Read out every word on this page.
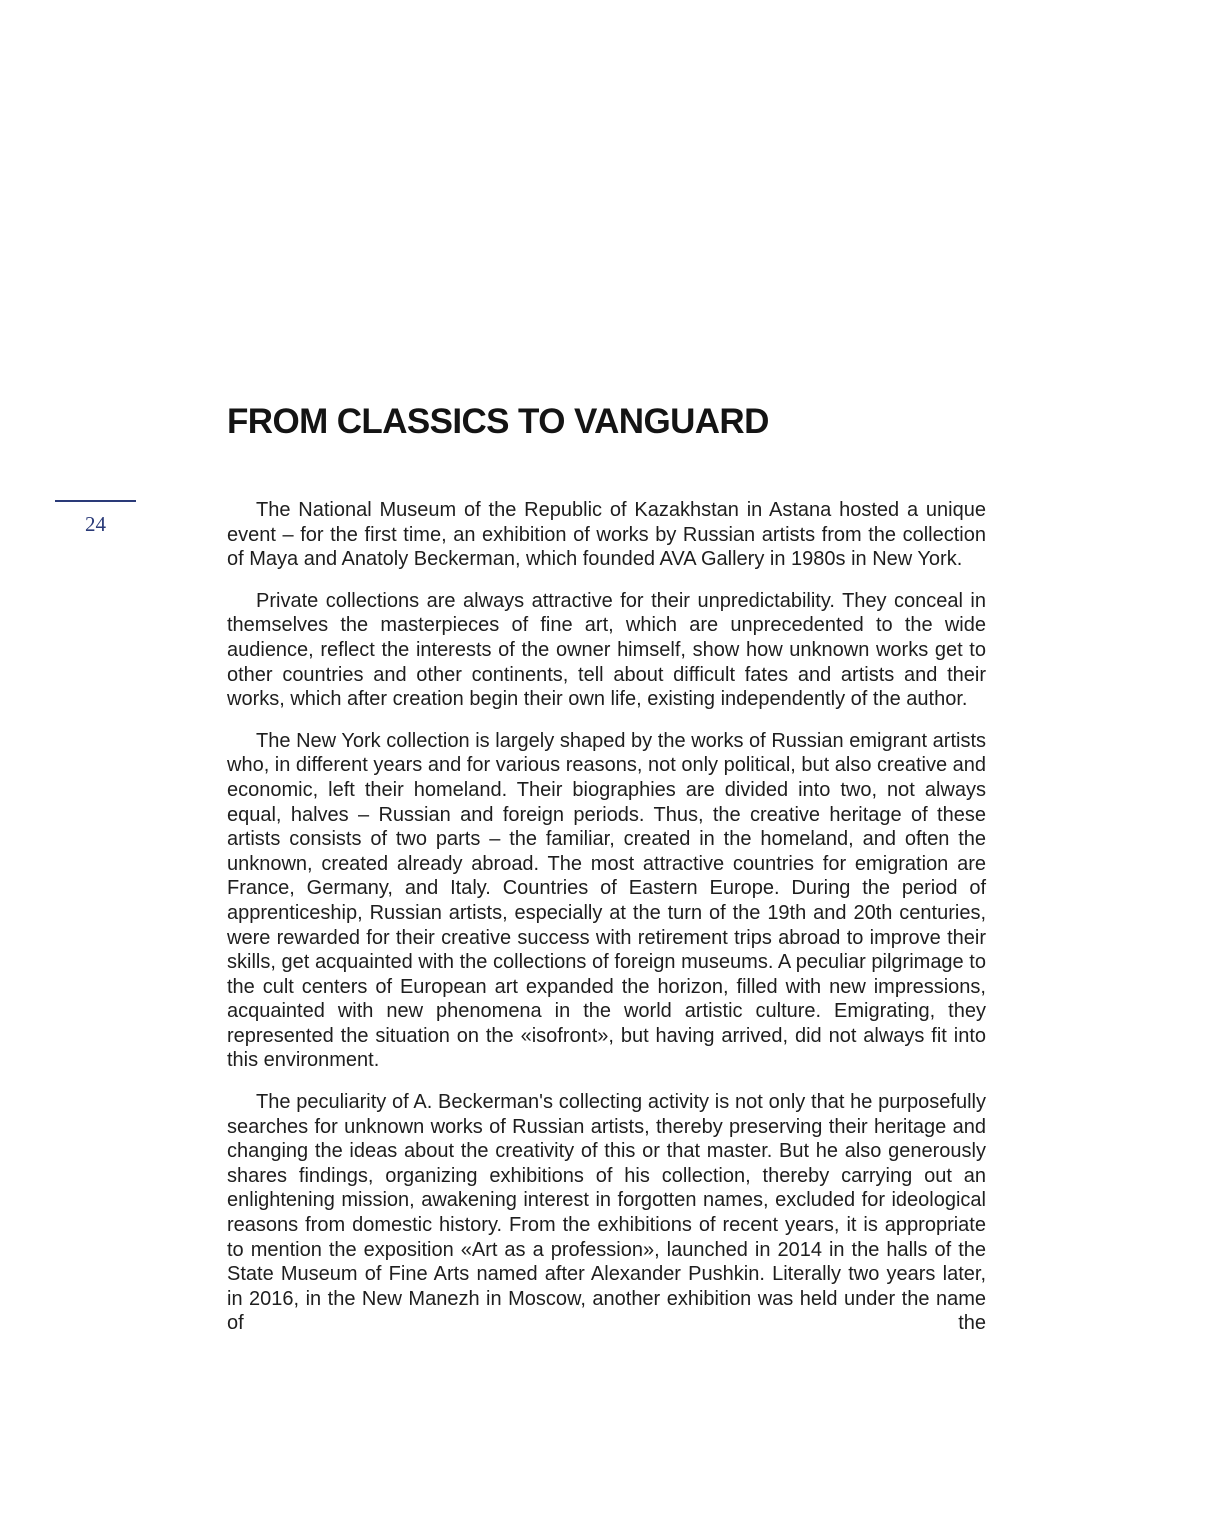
24
FROM CLASSICS TO VANGUARD

The National Museum of the Republic of Kazakhstan in Astana hosted a unique event – for the first time, an exhibition of works by Russian artists from the collection of Maya and Anatoly Beckerman, which founded AVA Gallery in 1980s in New York.

Private collections are always attractive for their unpredictability. They conceal in themselves the masterpieces of fine art, which are unprecedented to the wide audience, reflect the interests of the owner himself, show how unknown works get to other countries and other continents, tell about difficult fates and artists and their works, which after creation begin their own life, existing independently of the author.

The New York collection is largely shaped by the works of Russian emigrant artists who, in different years and for various reasons, not only political, but also creative and economic, left their homeland. Their biographies are divided into two, not always equal, halves – Russian and foreign periods. Thus, the creative heritage of these artists consists of two parts – the familiar, created in the homeland, and often the unknown, created already abroad. The most attractive countries for emigration are France, Germany, and Italy. Countries of Eastern Europe. During the period of apprenticeship, Russian artists, especially at the turn of the 19th and 20th centuries, were rewarded for their creative success with retirement trips abroad to improve their skills, get acquainted with the collections of foreign museums. A peculiar pilgrimage to the cult centers of European art expanded the horizon, filled with new impressions, acquainted with new phenomena in the world artistic culture. Emigrating, they represented the situation on the «isofront», but having arrived, did not always fit into this environment.

The peculiarity of A. Beckerman's collecting activity is not only that he purposefully searches for unknown works of Russian artists, thereby preserving their heritage and changing the ideas about the creativity of this or that master. But he also generously shares findings, organizing exhibitions of his collection, thereby carrying out an enlightening mission, awakening interest in forgotten names, excluded for ideological reasons from domestic history. From the exhibitions of recent years, it is appropriate to mention the exposition «Art as a profession», launched in 2014 in the halls of the State Museum of Fine Arts named after Alexander Pushkin. Literally two years later, in 2016, in the New Manezh in Moscow, another exhibition was held under the name of the
